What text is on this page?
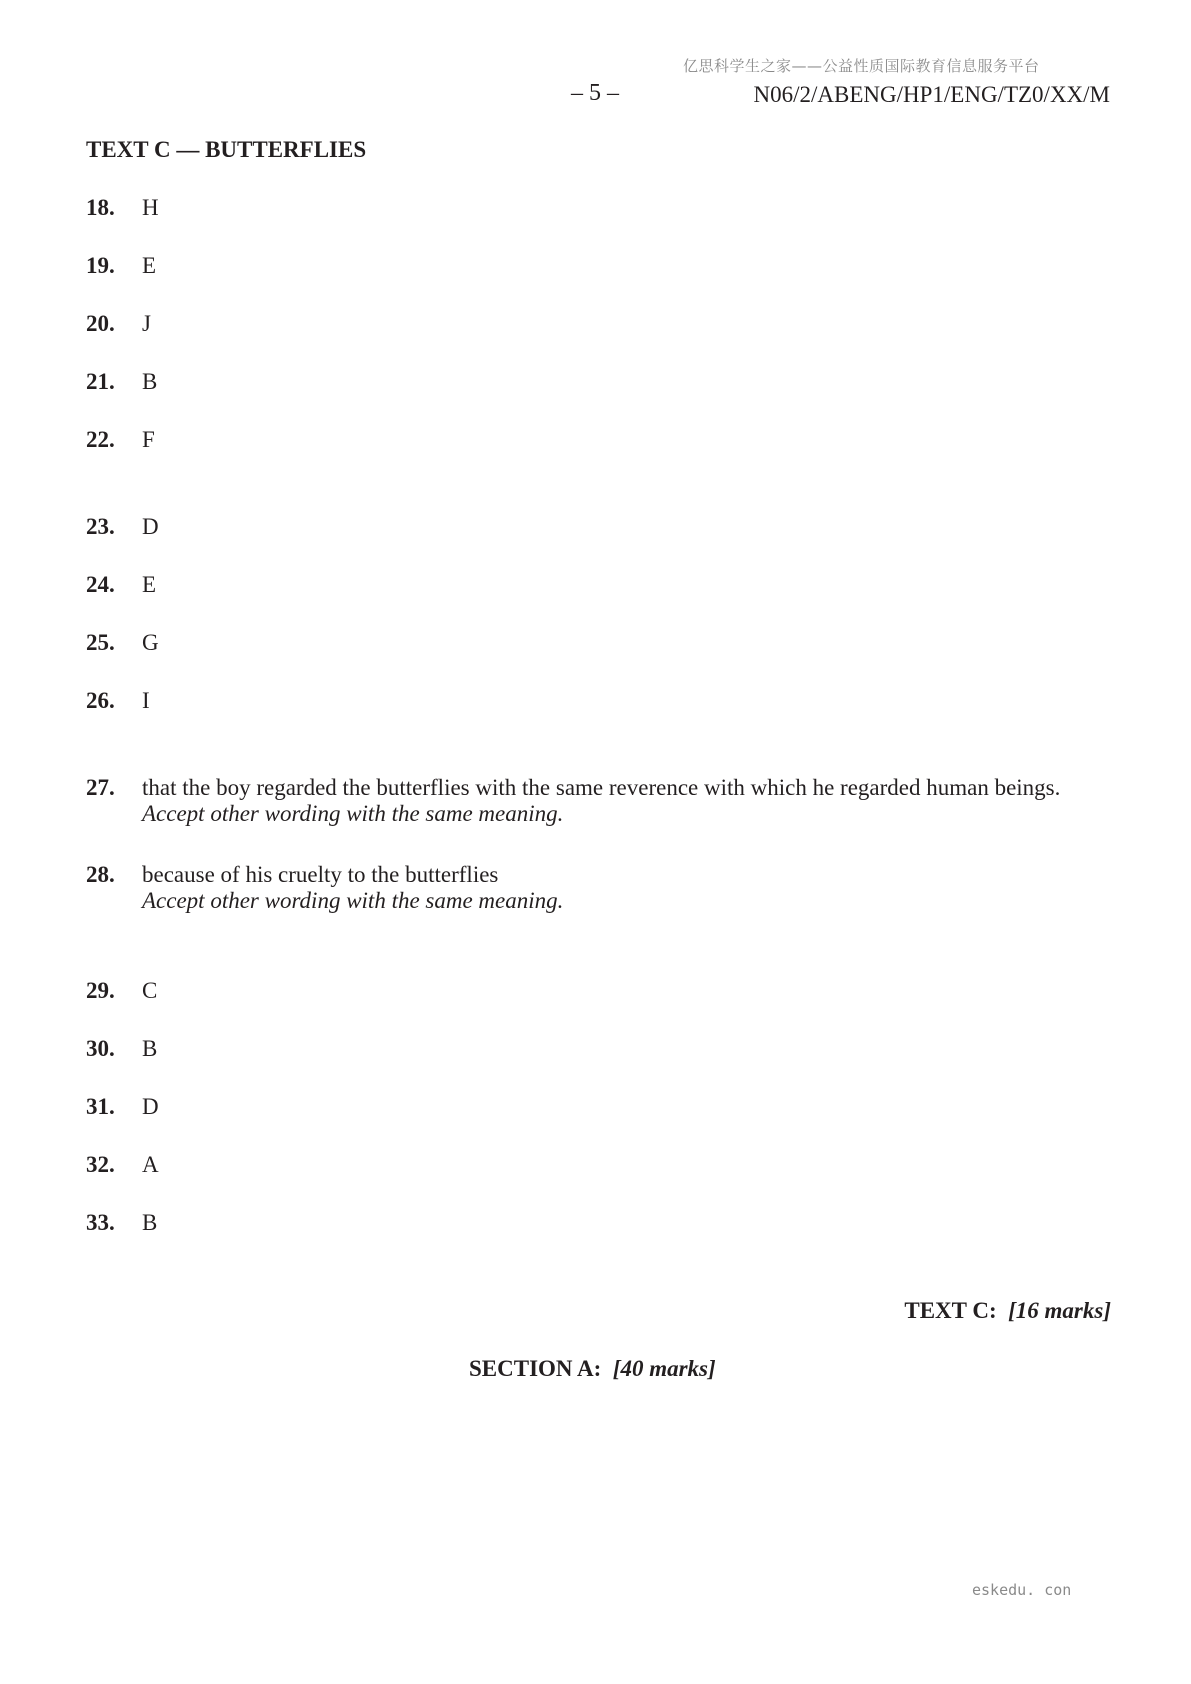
亿思科学生之家——公益性质国际教育信息服务平台
– 5 –	N06/2/ABENG/HP1/ENG/TZ0/XX/M
TEXT C — BUTTERFLIES
18.	H
19.	E
20.	J
21.	B
22.	F
23.	D
24.	E
25.	G
26.	I
27.	that the boy regarded the butterflies with the same reverence with which he regarded human beings.
Accept other wording with the same meaning.
28.	because of his cruelty to the butterflies
Accept other wording with the same meaning.
29.	C
30.	B
31.	D
32.	A
33.	B
TEXT C: [16 marks]
SECTION A: [40 marks]
eskedu. con
